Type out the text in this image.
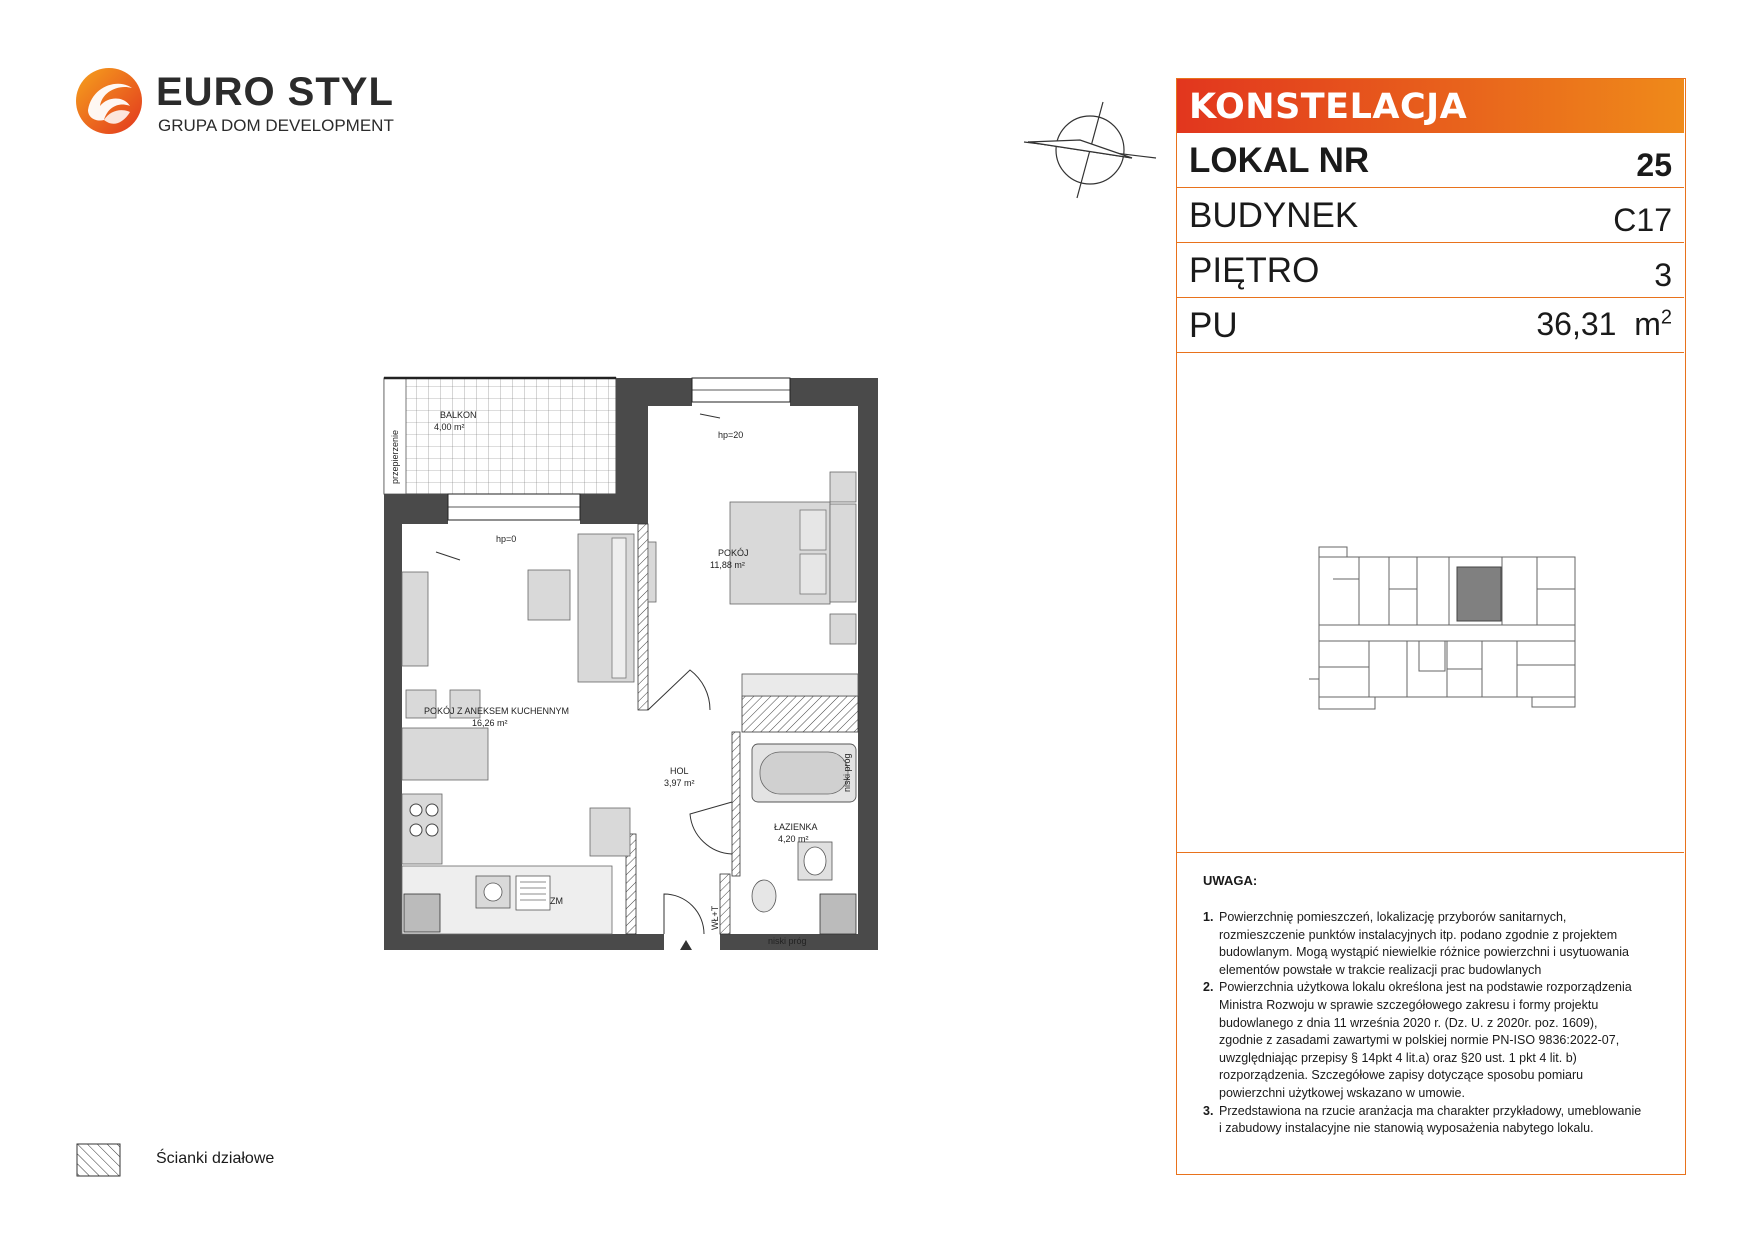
EURO STYL
GRUPA DOM DEVELOPMENT	KONSTELACJA
LOKAL NR	25
BUDYNEK	C17
PIĘTRO	3
PU	36,31  $m^2$
UWAGA:
1. Powierzchnię pomieszczeń, lokalizację przyborów sanitarnych, rozmieszczenie punktów instalacyjnych itp. podano zgodnie z projektem budowlanym. Mogą wystąpić niewielkie różnice powierzchni i usytuowania elementów powstałe w trakcie realizacji prac budowlanych
2. Powierzchnia użytkowa lokalu określona jest na podstawie rozporządzenia Ministra Rozwoju w sprawie szczegółowego zakresu i formy projektu budowlanego z dnia 11 września 2020 r. (Dz. U. z 2020r. poz. 1609), zgodnie z zasadami zawartymi w polskiej normie PN-ISO 9836:2022-07, uwzględniając przepisy § 14pkt 4 lit.a) oraz §20 ust. 1 pkt 4 lit. b) rozporządzenia. Szczegółowe zapisy dotyczące sposobu pomiaru powierzchni użytkowej wskazano w umowie.
3. Przedstawiona na rzucie aranżacja ma charakter przykładowy, umeblowanie i zabudowy instalacyjne nie stanowią wyposażenia nabytego lokalu.
BALKON
4,00 m²
POKÓJ
11,88 m²
POKÓJ Z ANEKSEM KUCHENNYM
16,26 m²
HOL
3,97 m²
ŁAZIENKA
4,20 m²
hp=20
hp=0
ZM
niski próg
przepierzenie
niski próg
WŁ+T
Ścianki działowe
